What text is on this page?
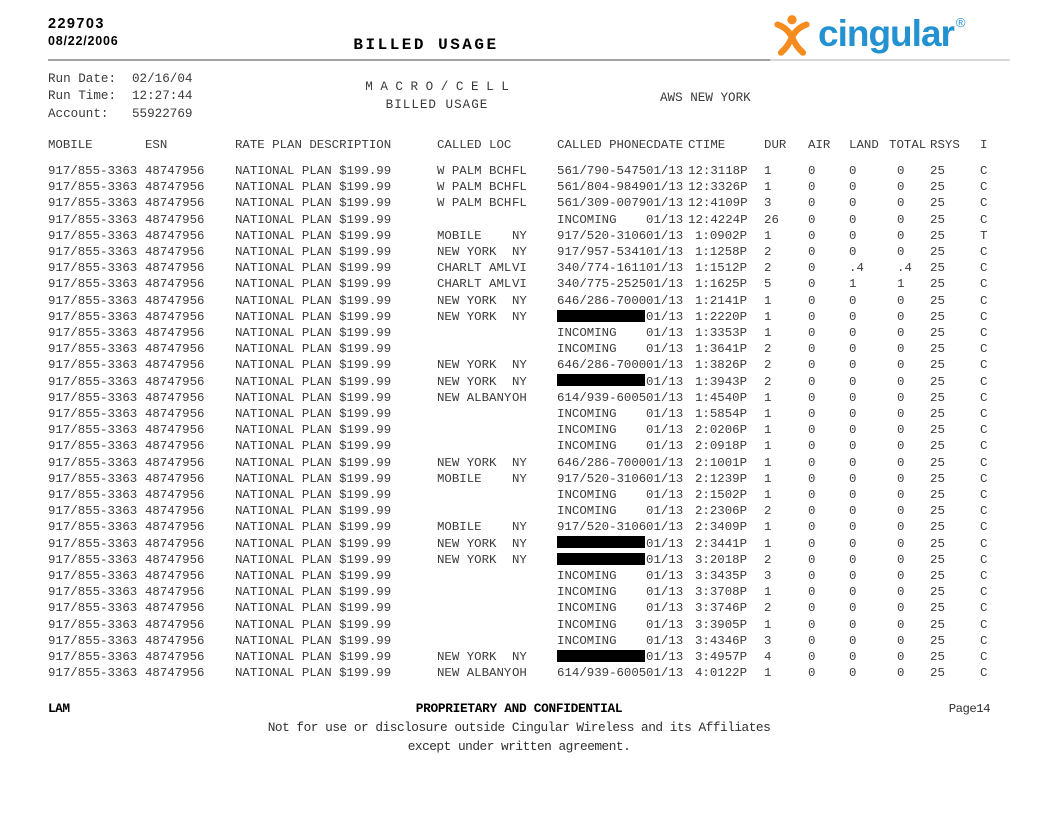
229703
08/22/2006	BILLED USAGE	cingular ®
Run Date: 02/16/04
Run Time: 12:27:44
Account: 55922769
M A C R O / C E L L
BILLED USAGE	AWS NEW YORK
MOBILE	ESN	RATE PLAN DESCRIPTION	CALLED LOC		CALLED PHONE	CDATE	CTIME	DUR	AIR	LAND	TOTAL	RSYS	I
917/855-3363	48747956	NATIONAL PLAN $199.99	W PALM BCH	FL	561/790-5475	01/13	12:3118P	1	0	0	0	25	C
917/855-3363	48747956	NATIONAL PLAN $199.99	W PALM BCH	FL	561/804-9849	01/13	12:3326P	1	0	0	0	25	C
917/855-3363	48747956	NATIONAL PLAN $199.99	W PALM BCH	FL	561/309-0079	01/13	12:4109P	3	0	0	0	25	C
917/855-3363	48747956	NATIONAL PLAN $199.99			INCOMING	01/13	12:4224P	26	0	0	0	25	C
917/855-3363	48747956	NATIONAL PLAN $199.99	MOBILE	NY	917/520-3106	01/13	1:0902P	1	0	0	0	25	T
917/855-3363	48747956	NATIONAL PLAN $199.99	NEW YORK	NY	917/957-5341	01/13	1:1258P	2	0	0	0	25	C
917/855-3363	48747956	NATIONAL PLAN $199.99	CHARLT AML	VI	340/774-1611	01/13	1:1512P	2	0	.4	.4	25	C
917/855-3363	48747956	NATIONAL PLAN $199.99	CHARLT AML	VI	340/775-2525	01/13	1:1625P	5	0	1	1	25	C
917/855-3363	48747956	NATIONAL PLAN $199.99	NEW YORK	NY	646/286-7000	01/13	1:2141P	1	0	0	0	25	C
917/855-3363	48747956	NATIONAL PLAN $199.99	NEW YORK	NY		01/13	1:2220P	1	0	0	0	25	C
917/855-3363	48747956	NATIONAL PLAN $199.99			INCOMING	01/13	1:3353P	1	0	0	0	25	C
917/855-3363	48747956	NATIONAL PLAN $199.99			INCOMING	01/13	1:3641P	2	0	0	0	25	C
917/855-3363	48747956	NATIONAL PLAN $199.99	NEW YORK	NY	646/286-7000	01/13	1:3826P	2	0	0	0	25	C
917/855-3363	48747956	NATIONAL PLAN $199.99	NEW YORK	NY		01/13	1:3943P	2	0	0	0	25	C
917/855-3363	48747956	NATIONAL PLAN $199.99	NEW ALBANY	OH	614/939-6005	01/13	1:4540P	1	0	0	0	25	C
917/855-3363	48747956	NATIONAL PLAN $199.99			INCOMING	01/13	1:5854P	1	0	0	0	25	C
917/855-3363	48747956	NATIONAL PLAN $199.99			INCOMING	01/13	2:0206P	1	0	0	0	25	C
917/855-3363	48747956	NATIONAL PLAN $199.99			INCOMING	01/13	2:0918P	1	0	0	0	25	C
917/855-3363	48747956	NATIONAL PLAN $199.99	NEW YORK	NY	646/286-7000	01/13	2:1001P	1	0	0	0	25	C
917/855-3363	48747956	NATIONAL PLAN $199.99	MOBILE	NY	917/520-3106	01/13	2:1239P	1	0	0	0	25	C
917/855-3363	48747956	NATIONAL PLAN $199.99			INCOMING	01/13	2:1502P	1	0	0	0	25	C
917/855-3363	48747956	NATIONAL PLAN $199.99			INCOMING	01/13	2:2306P	2	0	0	0	25	C
917/855-3363	48747956	NATIONAL PLAN $199.99	MOBILE	NY	917/520-3106	01/13	2:3409P	1	0	0	0	25	C
917/855-3363	48747956	NATIONAL PLAN $199.99	NEW YORK	NY		01/13	2:3441P	1	0	0	0	25	C
917/855-3363	48747956	NATIONAL PLAN $199.99	NEW YORK	NY		01/13	3:2018P	2	0	0	0	25	C
917/855-3363	48747956	NATIONAL PLAN $199.99			INCOMING	01/13	3:3435P	3	0	0	0	25	C
917/855-3363	48747956	NATIONAL PLAN $199.99			INCOMING	01/13	3:3708P	1	0	0	0	25	C
917/855-3363	48747956	NATIONAL PLAN $199.99			INCOMING	01/13	3:3746P	2	0	0	0	25	C
917/855-3363	48747956	NATIONAL PLAN $199.99			INCOMING	01/13	3:3905P	1	0	0	0	25	C
917/855-3363	48747956	NATIONAL PLAN $199.99			INCOMING	01/13	3:4346P	3	0	0	0	25	C
917/855-3363	48747956	NATIONAL PLAN $199.99	NEW YORK	NY		01/13	3:4957P	4	0	0	0	25	C
917/855-3363	48747956	NATIONAL PLAN $199.99	NEW ALBANY	OH	614/939-6005	01/13	4:0122P	1	0	0	0	25	C
LAM	PROPRIETARY AND CONFIDENTIAL	Page14
Not for use or disclosure outside Cingular Wireless and its Affiliates
except under written agreement.
